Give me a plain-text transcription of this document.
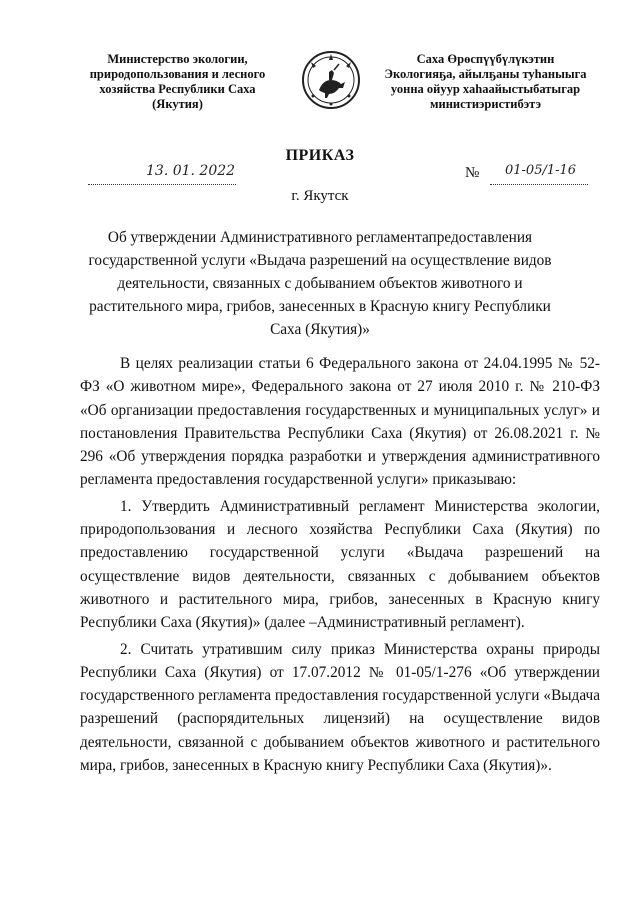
Министерство экологии,
природопользования и лесного
хозяйства Республики Саха
(Якутия)
Саха Өрөспүүбүлүкэтин
Экологияҕа, айылҕаны туһаныыга
уонна ойуур хаһаайыстыбатыгар
министиэристибэтэ
ПРИКАЗ
13. 01. 2022	№ 01-05/1-16
г. Якутск
Об утверждении Административного регламентапредоставления государственной услуги «Выдача разрешений на осуществление видов деятельности, связанных с добыванием объектов животного и растительного мира, грибов, занесенных в Красную книгу Республики Саха (Якутия)»

В целях реализации статьи 6 Федерального закона от 24.04.1995 № 52-ФЗ «О животном мире», Федерального закона от 27 июля 2010 г. № 210-ФЗ «Об организации предоставления государственных и муниципальных услуг» и постановления Правительства Республики Саха (Якутия) от 26.08.2021 г. № 296 «Об утверждения порядка разработки и утверждения административного регламента предоставления государственной услуги» приказываю:

1. Утвердить Административный регламент Министерства экологии, природопользования и лесного хозяйства Республики Саха (Якутия) по предоставлению государственной услуги «Выдача разрешений на осуществление видов деятельности, связанных с добыванием объектов животного и растительного мира, грибов, занесенных в Красную книгу Республики Саха (Якутия)» (далее –Административный регламент).

2. Считать утратившим силу приказ Министерства охраны природы Республики Саха (Якутия) от 17.07.2012 № 01-05/1-276 «Об утверждении государственного регламента предоставления государственной услуги «Выдача разрешений (распорядительных лицензий) на осуществление видов деятельности, связанной с добыванием объектов животного и растительного мира, грибов, занесенных в Красную книгу Республики Саха (Якутия)».
